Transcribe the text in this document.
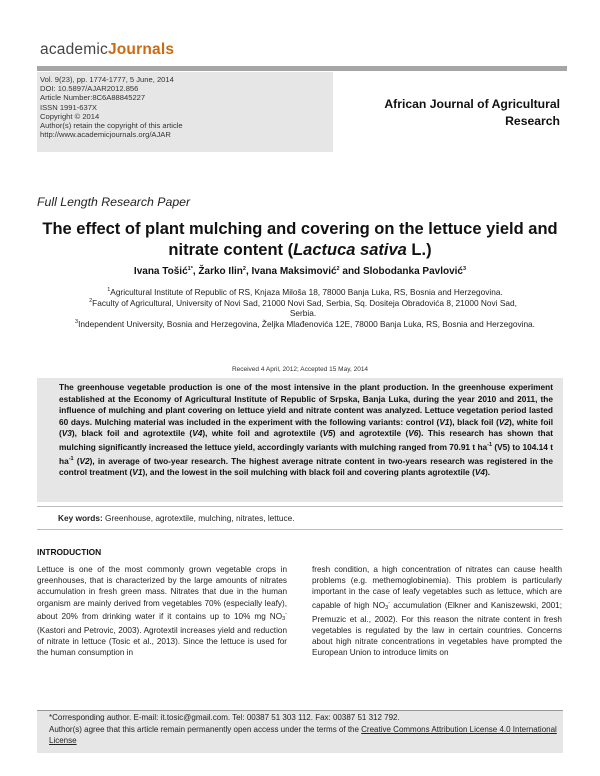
academicJournals
Vol. 9(23), pp. 1774-1777, 5 June, 2014
DOI: 10.5897/AJAR2012.856
Article Number:8C6A88845227
ISSN 1991-637X
Copyright © 2014
Author(s) retain the copyright of this article
http://www.academicjournals.org/AJAR
African Journal of Agricultural
Research
Full Length Research Paper
The effect of plant mulching and covering on the lettuce yield and nitrate content (Lactuca sativa L.)
Ivana Tošić$^{1*}$, Žarko Ilin$^2$, Ivana Maksimović$^2$ and Slobodanka Pavlović$^3$
$^1$Agricultural Institute of Republic of RS, Knjaza Miloša 18, 78000 Banja Luka, RS, Bosnia and Herzegovina.
$^2$Faculty of Agricultural, University of Novi Sad, 21000 Novi Sad, Serbia, Sq. Dositeja Obradovića 8, 21000 Novi Sad, Serbia.
$^3$Independent University, Bosnia and Herzegovina, Željka Mlađenovića 12E, 78000 Banja Luka, RS, Bosnia and Herzegovina.
Received 4 April, 2012; Accepted 15 May, 2014
The greenhouse vegetable production is one of the most intensive in the plant production. In the greenhouse experiment established at the Economy of Agricultural Institute of Republic of Srpska, Banja Luka, during the year 2010 and 2011, the influence of mulching and plant covering on lettuce yield and nitrate content was analyzed. Lettuce vegetation period lasted 60 days. Mulching material was included in the experiment with the following variants: control (V1), black foil (V2), white foil (V3), black foil and agrotextile (V4), white foil and agrotextile (V5) and agrotextile (V6). This research has shown that mulching significantly increased the lettuce yield, accordingly variants with mulching ranged from 70.91 t $ha^{-1}$ (V5) to 104.14 t $ha^{-1}$ (V2), in average of two-year research. The highest average nitrate content in two-years research was registered in the control treatment (V1), and the lowest in the soil mulching with black foil and covering plants agrotextile (V4).
Key words: Greenhouse, agrotextile, mulching, nitrates, lettuce.
INTRODUCTION
Lettuce is one of the most commonly grown vegetable crops in greenhouses, that is characterized by the large amounts of nitrates accumulation in fresh green mass. Nitrates that due in the human organism are mainly derived from vegetables 70% (especially leafy), about 20% from drinking water if it contains up to 10% mg $NO_3^-$ (Kastori and Petrovic, 2003). Agrotextil increases yield and reduction of nitrate in lettuce (Tosic et al., 2013). Since the lettuce is used for the human consumption in
fresh condition, a high concentration of nitrates can cause health problems (e.g. methemoglobinemia). This problem is particularly important in the case of leafy vegetables such as lettuce, which are capable of high $NO_3^-$ accumulation (Elkner and Kaniszewski, 2001; Premuzic et al., 2002). For this reason the nitrate content in fresh vegetables is regulated by the law in certain countries. Concerns about high nitrate concentrations in vegetables have prompted the European Union to introduce limits on
*Corresponding author. E-mail: it.tosic@gmail.com. Tel: 00387 51 303 112. Fax: 00387 51 312 792.
Author(s) agree that this article remain permanently open access under the terms of the Creative Commons Attribution License 4.0 International License
